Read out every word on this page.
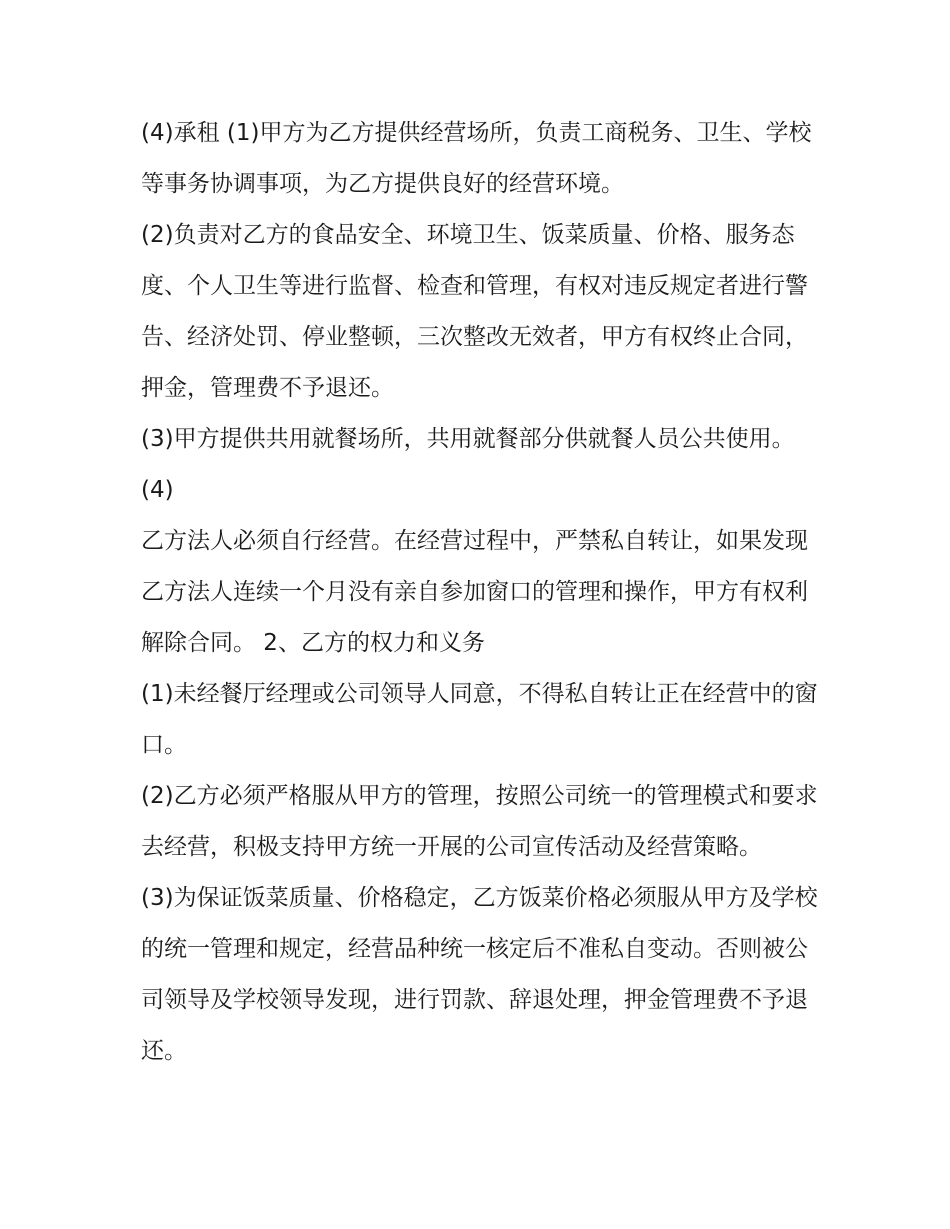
(4)承租 (1)甲方为乙方提供经营场所，负责工商税务、卫生、学校等事务协调事项，为乙方提供良好的经营环境。

(2)负责对乙方的食品安全、环境卫生、饭菜质量、价格、服务态度、个人卫生等进行监督、检查和管理，有权对违反规定者进行警告、经济处罚、停业整顿，三次整改无效者，甲方有权终止合同，押金，管理费不予退还。

(3)甲方提供共用就餐场所，共用就餐部分供就餐人员公共使用。 (4)

乙方法人必须自行经营。在经营过程中，严禁私自转让，如果发现乙方法人连续一个月没有亲自参加窗口的管理和操作，甲方有权利解除合同。 2、乙方的权力和义务

(1)未经餐厅经理或公司领导人同意，不得私自转让正在经营中的窗口。

(2)乙方必须严格服从甲方的管理，按照公司统一的管理模式和要求去经营，积极支持甲方统一开展的公司宣传活动及经营策略。

(3)为保证饭菜质量、价格稳定，乙方饭菜价格必须服从甲方及学校的统一管理和规定，经营品种统一核定后不准私自变动。否则被公司领导及学校领导发现，进行罚款、辞退处理，押金管理费不予退还。
